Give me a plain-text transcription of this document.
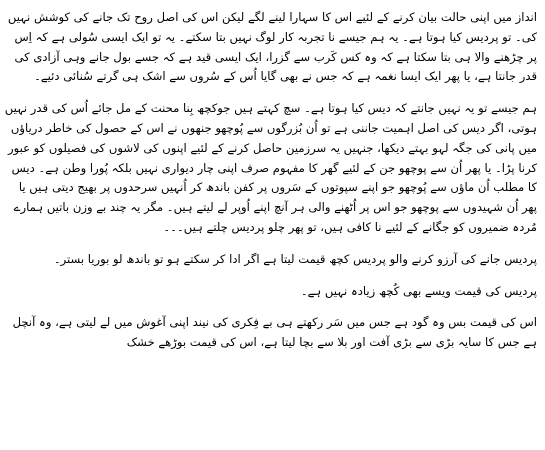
انداز میں اپنی حالت بیان کرنے کے لئیے اس کا سہارا لینے لگے لیکن اس کی اصل روح تک جانے کی کوشش نہیں کی۔ تو پردیس کیا ہوتا ہے۔ یہ ہم جیسے نا تجربہ کار لوگ نہیں بتا سکتے۔ یہ تو ایک ایسی سُولی ہے کہ اِس پر چڑھنے والا ہی بتا سکتا ہے کہ وہ کس کَرب سے گزرا، ایک ایسی قید ہے کہ جسے بول جانے وہی آزادی کی قدر جانتا ہے، یا پھر ایک ایسا نغمہ ہے کہ جس نے بھی گایا اُس کے سُروں سے اشک ہی گرتے سُنائی دئیے۔

ہم جیسے تو یہ نہیں جانتے کہ دیس کیا ہوتا ہے۔ سچ کہتے ہیں جوکچھ بِنا محنت کے مل جائے اُس کی قدر نہیں ہوتی، اگر دیس کی اصل اہمیت جاننی ہے تو اُن بُزرگوں سے پُوچھو جنھوں نے اس کے حصول کی خاطر دریاؤں میں پانی کی جگہ لہو بہتے دیکھا، جنہیں یہ سرزمین حاصل کرنے کے لئیے اپنوں کی لاشوں کی فصیلوں کو عبور کرنا پڑا۔ یا پھر اُن سے پوچھو جن کے لئیے گھر کا مفہوم صرف اپنی چار دیواری نہیں بلکہ پُورا وطن ہے۔ دیس کا مطلب اُن ماؤں سے پُوچھو جو اپنے سپوتوں کے سَروں پر کفن باندھ کر اُنہیں سرحدوں پر بھیج دیتی ہیں یا پھر اُن شہیدوں سے پوچھو جو اس پر اُٹھنے والی ہر آنچ اپنے اُوپر لے لیتے ہیں۔ مگر یہ چند بے وزن باتیں ہمارے مُردہ ضمیروں کو جگانے کے لئیے نا کافی ہیں، تو پھر چلو پردیس چلتے ہیں۔۔۔

پردیس جانے کی آرزو کرنے والو پردیس کچھ قیمت لیتا ہے اگر ادا کر سکتے ہو تو باندھ لو بوریا بستر۔

پردیس کی قیمت ویسے بھی کُچھ زیادہ نہیں ہے۔

اس کی قیمت بس وہ گود ہے جس میں سَر رکھتے ہی بے فِکری کی نیند اپنی آغوش میں لے لیتی ہے، وہ آنچل ہے جس کا سایہ بڑی سے بڑی آفت اور بلا سے بچا لیتا ہے، اس کی قیمت بوڑھے خشک
